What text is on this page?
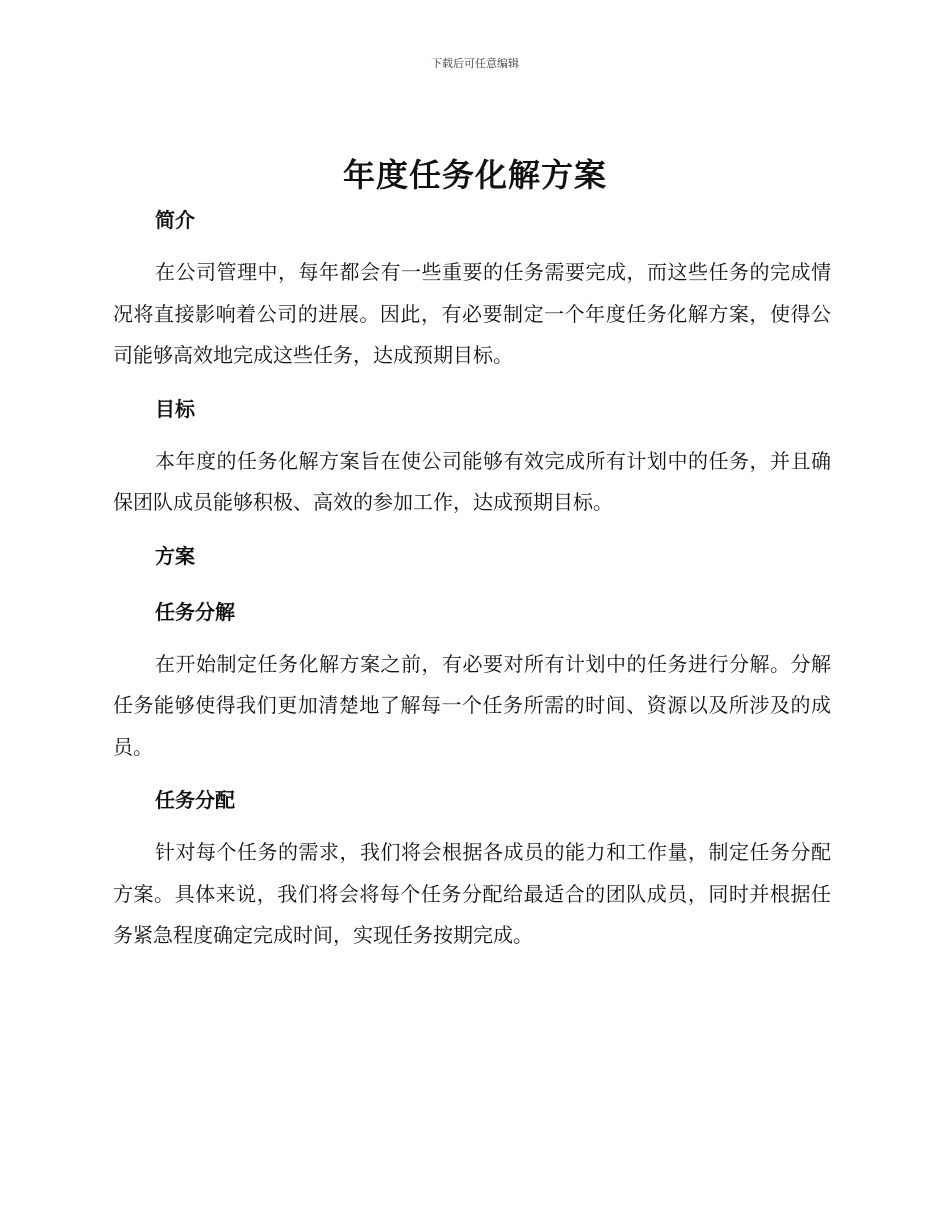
下载后可任意编辑
年度任务化解方案
简介

在公司管理中，每年都会有一些重要的任务需要完成，而这些任务的完成情况将直接影响着公司的进展。因此，有必要制定一个年度任务化解方案，使得公司能够高效地完成这些任务，达成预期目标。

目标

本年度的任务化解方案旨在使公司能够有效完成所有计划中的任务，并且确保团队成员能够积极、高效的参加工作，达成预期目标。

方案
任务分解

在开始制定任务化解方案之前，有必要对所有计划中的任务进行分解。分解任务能够使得我们更加清楚地了解每一个任务所需的时间、资源以及所涉及的成员。

任务分配

针对每个任务的需求，我们将会根据各成员的能力和工作量，制定任务分配方案。具体来说，我们将会将每个任务分配给最适合的团队成员，同时并根据任务紧急程度确定完成时间，实现任务按期完成。
